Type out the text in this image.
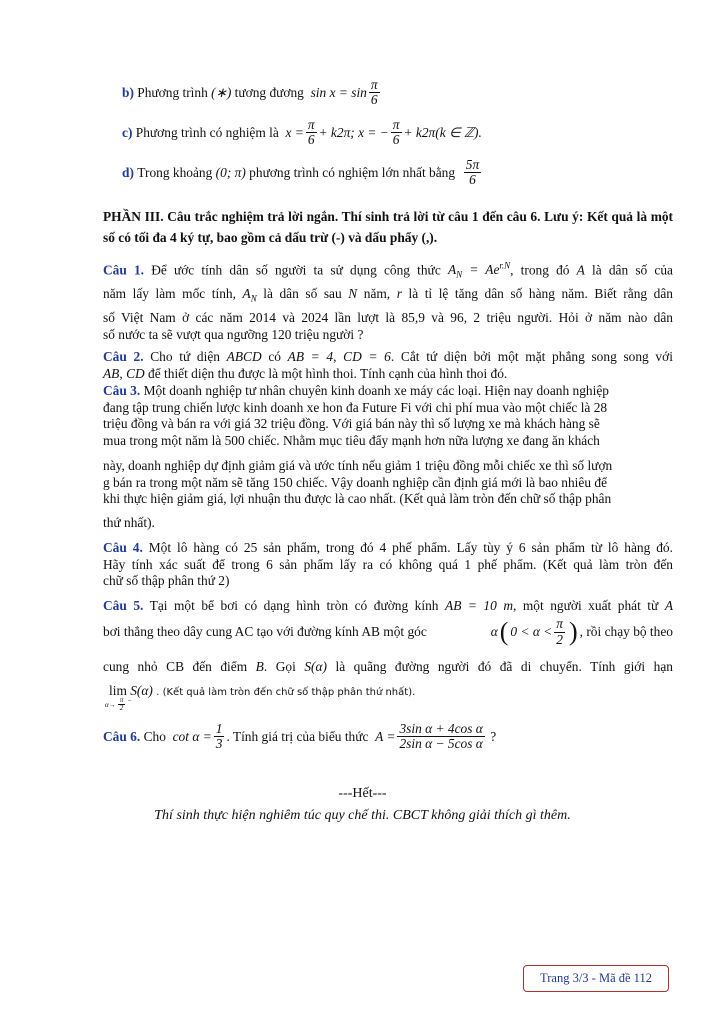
b)
Phương trình
(∗)
tương đương
$\sin x = \sin \frac{\pi}{6}$
c)
Phương trình có nghiệm là
$x = \frac{\pi}{6} + k2\pi$; x = − $\frac{\pi}{6} + k2\pi$ (k ∈ ℤ).
d)
Trong khoảng
(0; π)
phương trình có nghiệm lớn nhất bằng
$\frac{5\pi}{6}$
PHẦN III. Câu trắc nghiệm trả lời ngắn. Thí sinh trả lời từ câu 1 đến câu 6. Lưu ý: Kết quả là một số có tối đa 4 ký tự, bao gồm cả dấu trừ (-) và dấu phẩy (,).
Câu 1. Để ước tính dân số người ta sử dụng công thức $A_N = Ae^{r.N}$, trong đó A là dân số của
năm lấy làm mốc tính, $A_N$ là dân số sau N năm, r là tỉ lệ tăng dân số hàng năm. Biết rằng dân
số Việt Nam ở các năm 2014 và 2024 lần lượt là 85,9 và 96, 2 triệu người. Hỏi ở năm nào dân
số nước ta sẽ vượt qua ngưỡng 120 triệu người ?
Câu 2. Cho tứ diện ABCD có AB = 4, CD = 6. Cắt tứ diện bởi một mặt phẳng song song với
AB, CD để thiết diện thu được là một hình thoi. Tính cạnh của hình thoi đó.
Câu 3. Một doanh nghiệp tư nhân chuyên kinh doanh xe máy các loại. Hiện nay doanh nghiệp
đang tập trung chiến lược kinh doanh xe hon đa Future Fi với chi phí mua vào một chiếc là 28
triệu đồng và bán ra với giá 32 triệu đồng. Với giá bán này thì số lượng xe mà khách hàng sẽ
mua trong một năm là 500 chiếc. Nhằm mục tiêu đẩy mạnh hơn nữa lượng xe đang ăn khách
này, doanh nghiệp dự định giảm giá và ước tính nếu giảm 1 triệu đồng mỗi chiếc xe thì số lượn
g bán ra trong một năm sẽ tăng 150 chiếc. Vậy doanh nghiệp cần định giá mới là bao nhiêu để
khi thực hiện giảm giá, lợi nhuận thu được là cao nhất. (Kết quả làm tròn đến chữ số thập phân
thứ nhất).
Câu 4. Một lô hàng có 25 sản phẩm, trong đó 4 phế phẩm. Lấy tùy ý 6 sản phẩm từ lô hàng đó.
Hãy tính xác suất để trong 6 sản phẩm lấy ra có không quá 1 phế phẩm. (Kết quả làm tròn đến
chữ số thập phân thứ 2)
Câu 5. Tại một bể bơi có dạng hình tròn có đường kính AB = 10 m, một người xuất phát từ A
bơi thẳng theo dây cung AC tạo với đường kính AB một góc	α ( $0 < \alpha < \frac{\pi}{2}$ ) , rồi chạy bộ theo
cung nhỏ CB đến điểm B. Gọi S(α) là quãng đường người đó đã di chuyển. Tính giới hạn
lim S(α) . (Kết quả làm tròn đến chữ số thập phân thứ nhất).
$\alpha\to \frac{\pi}{2}$ −
Câu 6.
Cho
$\cot \alpha = \frac{1}{3}$ . Tính giá trị của biểu thức
$A = \frac{\text{3sin α + 4cos α}}{\text{2sin α − 5cos α}}$
?
---Hết---
Thí sinh thực hiện nghiêm túc quy chế thi. CBCT không giải thích gì thêm.
Trang 3/3 - Mã đề 112
